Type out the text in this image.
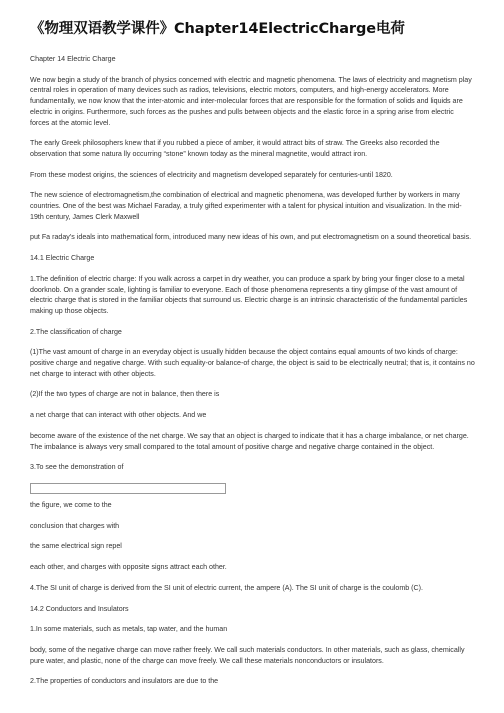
《物理双语教学课件》Chapter14ElectricCharge电荷

Chapter 14 Electric Charge

We now begin a study of the branch of physics concerned with electric and magnetic phenomena. The laws of electricity and magnetism play central roles in operation of many devices such as radios, televisions, electric motors, computers, and high-energy accelerators. More fundamentally, we now know that the inter-atomic and inter-molecular forces that are responsible for the formation of solids and liquids are electric in origins. Furthermore, such forces as the pushes and pulls between objects and the elastic force in a spring arise from electric forces at the atomic level.

The early Greek philosophers knew that if you rubbed a piece of amber, it would attract bits of straw. The Greeks also recorded the observation that some natura lly occurring “stone” known today as the mineral magnetite, would attract iron.

From these modest origins, the sciences of electricity and magnetism developed separately for centuries-until 1820.

The new science of electromagnetism,the combination of electrical and magnetic phenomena, was developed further by workers in many countries. One of the best was Michael Faraday, a truly gifted experimenter with a talent for physical intuition and visualization. In the mid-19th century, James Clerk Maxwell

put Fa raday’s ideals into mathematical form, introduced many new ideas of his own, and put electromagnetism on a sound theoretical basis.

14.1 Electric Charge

1.The definition of electric charge: If you walk across a carpet in dry weather, you can produce a spark by bring your finger close to a metal doorknob. On a grander scale, lighting is familiar to everyone. Each of those phenomena represents a tiny glimpse of the vast amount of electric charge that is stored in the familiar objects that surround us. Electric charge is an intrinsic characteristic of the fundamental particles making up those objects.

2.The classification of charge

(1)The vast amount of charge in an everyday object is usually hidden because the object contains equal amounts of two kinds of charge: positive charge and negative charge. With such equality-or balance-of charge, the object is said to be electrically neutral; that is, it contains no net charge to interact with other objects.

(2)If the two types of charge are not in balance, then there is

a net charge that can interact with other objects. And we

become aware of the existence of the net charge. We say that an object is charged to indicate that it has a charge imbalance, or net charge. The imbalance is always very small compared to the total amount of positive charge and negative charge contained in the object.

3.To see the demonstration of

the figure, we come to the

conclusion that charges with

the same electrical sign repel

each other, and charges with opposite signs attract each other.

4.The SI unit of charge is derived from the SI unit of electric current, the ampere (A). The SI unit of charge is the coulomb (C).

14.2 Conductors and Insulators

1.In some materials, such as metals, tap water, and the human

body, some of the negative charge can move rather freely. We call such materials conductors. In other materials, such as glass, chemically pure water, and plastic, none of the charge can move freely. We call these materials nonconductors or insulators.

2.The properties of conductors and insulators are due to the
